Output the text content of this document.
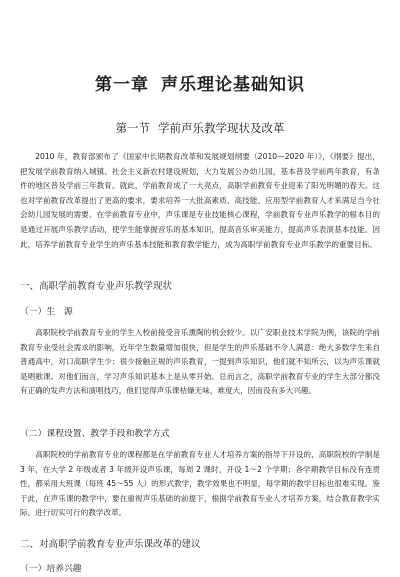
第一章 声乐理论基础知识
第一节 学前声乐教学现状及改革

2010 年，教育部颁布了《国家中长期教育改革和发展规划纲要（2010—2020 年）》，《纲要》提出，把发展学前教育纳入城镇、社会主义新农村建设规划，大力发展公办幼儿园，基本普及学前两年教育，有条件的地区普及学前三年教育。就此，学前教育成了一大亮点，高职学前教育专业迎来了阳光明媚的春天。这也对学前教育改革提出了更高的要求，要求培养一大批高素质、高技能、应用型学前教育人才来满足当今社会幼儿园发展的需要。在学前教育专业中，声乐课是专业技能核心课程，学前教育专业声乐教学的根本目的是通过开展声乐教学活动，使学生能掌握音乐的基本知识，提高音乐审美能力，提高声乐表演基本技能。因此，培养学前教育专业学生的声乐基本技能和教育教学能力，成为高职学前教育专业声乐教学的重要目标。

一、高职学前教育专业声乐教学现状
（一）生　源

高职院校学前教育专业的学生入校前接受音乐熏陶的机会较少。以广安职业技术学院为例，该院的学前教育专业受社会需求的影响，近年学生数量增加很快，但是学生的声乐基础不令人满意：绝大多数学生来自普通高中，对口高职学生少；很少接触正规的声乐教育，一提到声乐知识，他们就不知所云，以为声乐课就是唱歌课。对他们而言，学习声乐知识基本上是从零开始。总而言之，高职学前教育专业的学生大部分都没有正确的发声方法和演唱技巧，他们觉得声乐课枯燥无味，难度大，因而没有多大兴趣。

（二）课程设置、教学手段和教学方式

高职院校的学前教育专业的课程都是在学前教育专业人才培养方案的指导下开设的，高职院校的学制是 3 年，在大学 2 年级或者 3 年级开设声乐课，每周 2 课时，开设 1～2 个学期；各学期教学目标没有连贯性，都采用大班课（每班 45～55 人）的形式教学，教学效果也不明显，每学期的教学目标也很难实现。鉴于此，在声乐课的教学中，要在重视声乐基础的前提下，根据学前教育专业人才培养方案，结合教育教学实际，进行切实可行的教学改革。

二、对高职学前教育专业声乐课改革的建议
（一）培养兴趣
